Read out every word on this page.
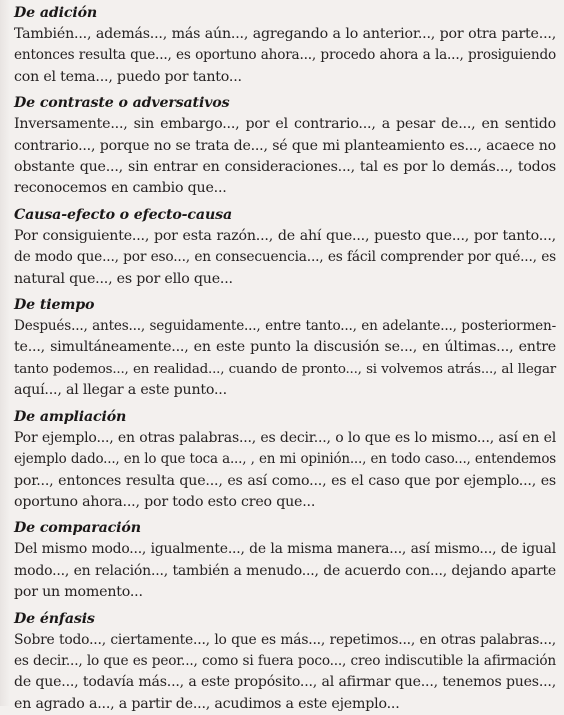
De adición

También..., además..., más aún..., agregando a lo anterior..., por otra parte...,

entonces resulta que..., es oportuno ahora..., procedo ahora a la..., prosiguiendo

con el tema..., puedo por tanto...

De contraste o adversativos

Inversamente..., sin embargo..., por el contrario..., a pesar de..., en sentido

contrario..., porque no se trata de..., sé que mi planteamiento es..., acaece no

obstante que..., sin entrar en consideraciones..., tal es por lo demás..., todos

reconocemos en cambio que...

Causa-efecto o efecto-causa

Por consiguiente..., por esta razón..., de ahí que..., puesto que..., por tanto...,

de modo que..., por eso..., en consecuencia..., es fácil comprender por qué..., es

natural que..., es por ello que...

De tiempo

Después..., antes..., seguidamente..., entre tanto..., en adelante..., posteriormen-

te..., simultáneamente..., en este punto la discusión se..., en últimas..., entre

tanto podemos..., en realidad..., cuando de pronto..., si volvemos atrás..., al llegar

aquí..., al llegar a este punto...

De ampliación

Por ejemplo..., en otras palabras..., es decir..., o lo que es lo mismo..., así en el

ejemplo dado..., en lo que toca a..., , en mi opinión..., en todo caso..., entendemos

por..., entonces resulta que..., es así como..., es el caso que por ejemplo..., es

oportuno ahora..., por todo esto creo que...

De comparación

Del mismo modo..., igualmente..., de la misma manera..., así mismo..., de igual

modo..., en relación..., también a menudo..., de acuerdo con..., dejando aparte

por un momento...

De énfasis

Sobre todo..., ciertamente..., lo que es más..., repetimos..., en otras palabras...,

es decir..., lo que es peor..., como si fuera poco..., creo indiscutible la afirmación

de que..., todavía más..., a este propósito..., al afirmar que..., tenemos pues...,

en agrado a..., a partir de..., acudimos a este ejemplo...
